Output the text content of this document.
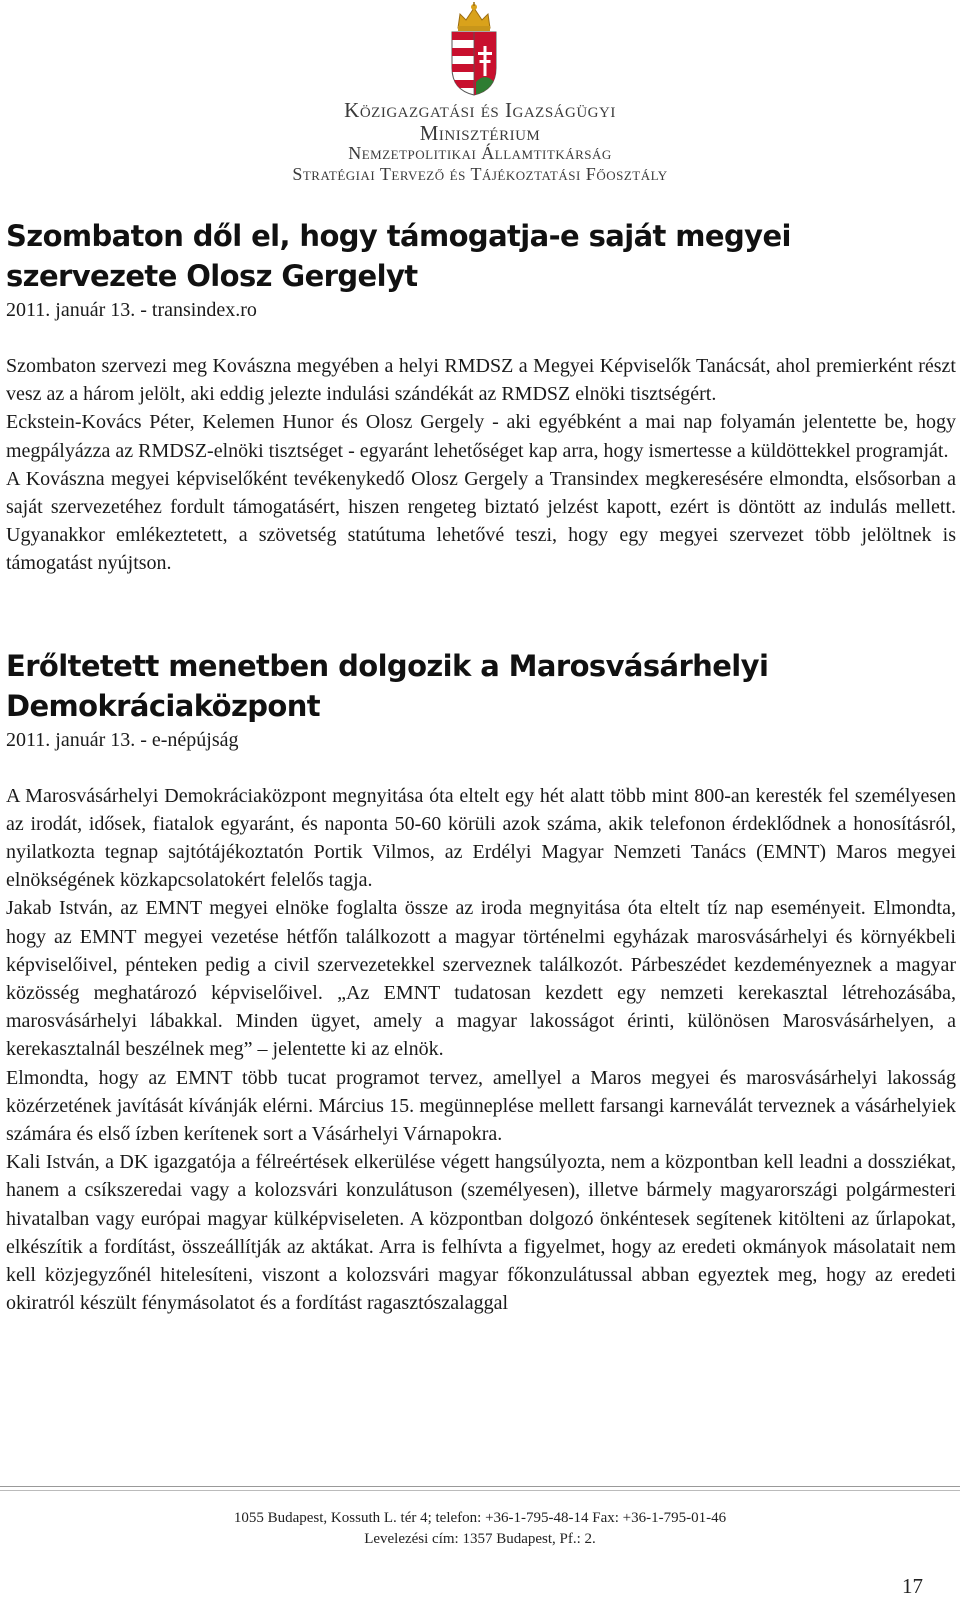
Közigazgatási és Igazságügyi
Minisztérium
Nemzetpolitikai Államtitkárság
Stratégiai Tervező és Tájékoztatási Főosztály
Szombaton dől el, hogy támogatja-e saját megyei szervezete Olosz Gergelyt
2011. január 13. - transindex.ro

Szombaton szervezi meg Kovászna megyében a helyi RMDSZ a Megyei Képviselők Tanácsát, ahol premierként részt vesz az a három jelölt, aki eddig jelezte indulási szándékát az RMDSZ elnöki tisztségért.

Eckstein-Kovács Péter, Kelemen Hunor és Olosz Gergely - aki egyébként a mai nap folyamán jelentette be, hogy megpályázza az RMDSZ-elnöki tisztséget - egyaránt lehetőséget kap arra, hogy ismertesse a küldöttekkel programját.

A Kovászna megyei képviselőként tevékenykedő Olosz Gergely a Transindex megkeresésére elmondta, elsősorban a saját szervezetéhez fordult támogatásért, hiszen rengeteg biztató jelzést kapott, ezért is döntött az indulás mellett. Ugyanakkor emlékeztetett, a szövetség statútuma lehetővé teszi, hogy egy megyei szervezet több jelöltnek is támogatást nyújtson.

Erőltetett menetben dolgozik a Marosvásárhelyi Demokráciaközpont
2011. január 13. - e-népújság

A Marosvásárhelyi Demokráciaközpont megnyitása óta eltelt egy hét alatt több mint 800-an keresték fel személyesen az irodát, idősek, fiatalok egyaránt, és naponta 50-60 körüli azok száma, akik telefonon érdeklődnek a honosításról, nyilatkozta tegnap sajtótájékoztatón Portik Vilmos, az Erdélyi Magyar Nemzeti Tanács (EMNT) Maros megyei elnökségének közkapcsolatokért felelős tagja.

Jakab István, az EMNT megyei elnöke foglalta össze az iroda megnyitása óta eltelt tíz nap eseményeit. Elmondta, hogy az EMNT megyei vezetése hétfőn találkozott a magyar történelmi egyházak marosvásárhelyi és környékbeli képviselőivel, pénteken pedig a civil szervezetekkel szerveznek találkozót. Párbeszédet kezdeményeznek a magyar közösség meghatározó képviselőivel. „Az EMNT tudatosan kezdett egy nemzeti kerekasztal létrehozásába, marosvásárhelyi lábakkal. Minden ügyet, amely a magyar lakosságot érinti, különösen Marosvásárhelyen, a kerekasztalnál beszélnek meg” – jelentette ki az elnök.

Elmondta, hogy az EMNT több tucat programot tervez, amellyel a Maros megyei és marosvásárhelyi lakosság közérzetének javítását kívánják elérni. Március 15. megünneplése mellett farsangi karneválát terveznek a vásárhelyiek számára és első ízben kerítenek sort a Vásárhelyi Várnapokra.

Kali István, a DK igazgatója a félreértések elkerülése végett hangsúlyozta, nem a központban kell leadni a dossziékat, hanem a csíkszeredai vagy a kolozsvári konzulátuson (személyesen), illetve bármely magyarországi polgármesteri hivatalban vagy európai magyar külképviseleten. A központban dolgozó önkéntesek segítenek kitölteni az űrlapokat, elkészítik a fordítást, összeállítják az aktákat. Arra is felhívta a figyelmet, hogy az eredeti okmányok másolatait nem kell közjegyzőnél hitelesíteni, viszont a kolozsvári magyar főkonzulátussal abban egyeztek meg, hogy az eredeti okiratról készült fénymásolatot és a fordítást ragasztószalaggal

1055 Budapest, Kossuth L. tér 4; telefon: +36-1-795-48-14 Fax: +36-1-795-01-46
Levelezési cím: 1357 Budapest, Pf.: 2.
17
